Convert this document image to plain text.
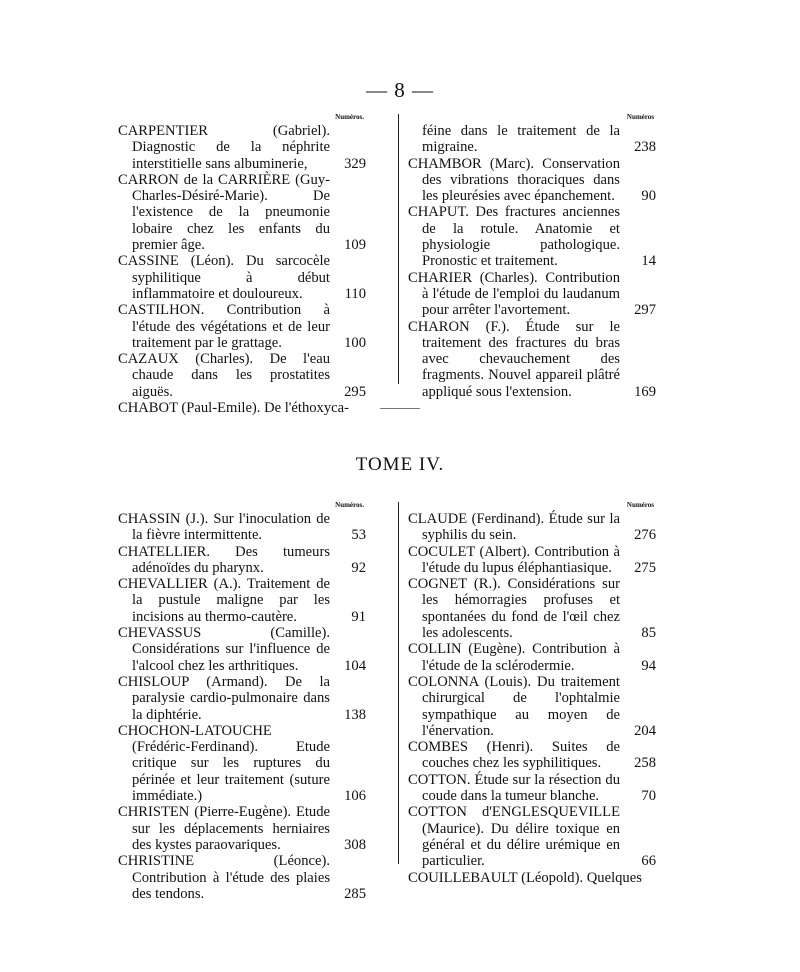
— 8 —
Numéros.
CARPENTIER (Gabriel). Diagnostic de la néphrite interstitielle sans albuminerie,	329
CARRON de la CARRIÈRE (Guy-Charles-Désiré-Marie). De l'existence de la pneumonie lobaire chez les enfants du premier âge.	109
CASSINE (Léon). Du sarcocèle syphilitique à début inflammatoire et douloureux.	110
CASTILHON. Contribution à l'étude des végétations et de leur traitement par le grattage.	100
CAZAUX (Charles). De l'eau chaude dans les prostatites aiguës.	295
CHABOT (Paul-Emile). De l'éthoxyca-
Numéros
féine dans le traitement de la migraine.	238
CHAMBOR (Marc). Conservation des vibrations thoraciques dans les pleurésies avec épanchement. 90
CHAPUT. Des fractures anciennes de la rotule. Anatomie et physiologie pathologique. Pronostic et traitement.	14
CHARIER (Charles). Contribution à l'étude de l'emploi du laudanum pour arrêter l'avortement.	297
CHARON (F.). Étude sur le traitement des fractures du bras avec chevauchement des fragments. Nouvel appareil plâtré appliqué sous l'extension.	169
TOME IV.
Numéros.
CHASSIN (J.). Sur l'inoculation de la fièvre intermittente.	53
CHATELLIER. Des tumeurs adénoïdes du pharynx.	92
CHEVALLIER (A.). Traitement de la pustule maligne par les incisions au thermo-cautère.	91
CHEVASSUS (Camille). Considérations sur l'influence de l'alcool chez les arthritiques.	104
CHISLOUP (Armand). De la paralysie cardio-pulmonaire dans la diphtérie.	138
CHOCHON-LATOUCHE (Frédéric-Ferdinand). Etude critique sur les ruptures du périnée et leur traitement (suture immédiate.)	106
CHRISTEN (Pierre-Eugène). Etude sur les déplacements herniaires des kystes paraovariques.	308
CHRISTINE (Léonce). Contribution à l'étude des plaies des tendons.	285
Numéros
CLAUDE (Ferdinand). Étude sur la syphilis du sein.	276
COCULET (Albert). Contribution à l'étude du lupus éléphantiasique. 275
COGNET (R.). Considérations sur les hémorragies profuses et spontanées du fond de l'œil chez les adolescents.	85
COLLIN (Eugène). Contribution à l'étude de la sclérodermie.	94
COLONNA (Louis). Du traitement chirurgical de l'ophtalmie sympathique au moyen de l'énervation.	204
COMBES (Henri). Suites de couches chez les syphilitiques. 258
COTTON. Étude sur la résection du coude dans la tumeur blanche.	70
COTTON d'ENGLESQUEVILLE (Maurice). Du délire toxique en général et du délire urémique en particulier.	66
COUILLEBAULT (Léopold). Quelques
